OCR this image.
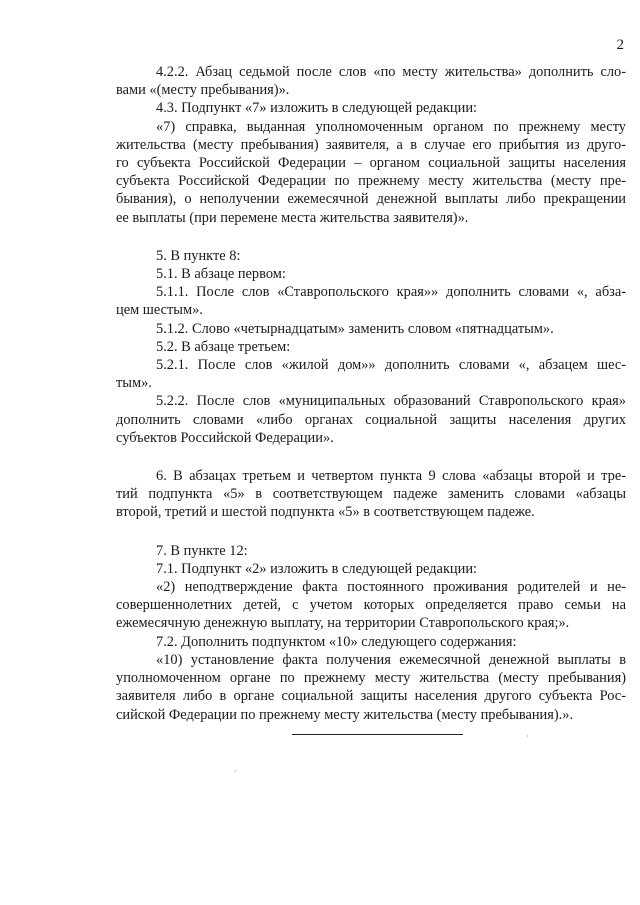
2
4.2.2. Абзац седьмой после слов «по месту жительства» дополнить сло-
вами «(месту пребывания)».
4.3. Подпункт «7» изложить в следующей редакции:
«7) справка, выданная уполномоченным органом по прежнему месту
жительства (месту пребывания) заявителя, а в случае его прибытия из друго-
го субъекта Российской Федерации – органом социальной защиты населения
субъекта Российской Федерации по прежнему месту жительства (месту пре-
бывания), о неполучении ежемесячной денежной выплаты либо прекращении
ее выплаты (при перемене места жительства заявителя)».
5. В пункте 8:
5.1. В абзаце первом:
5.1.1. После слов «Ставропольского края»» дополнить словами «, абза-
цем шестым».
5.1.2. Слово «четырнадцатым» заменить словом «пятнадцатым».
5.2. В абзаце третьем:
5.2.1. После слов «жилой дом»» дополнить словами «, абзацем шес-
тым».
5.2.2. После слов «муниципальных образований Ставропольского края»
дополнить словами «либо органах социальной защиты населения других
субъектов Российской Федерации».
6. В абзацах третьем и четвертом пункта 9 слова «абзацы второй и тре-
тий подпункта «5» в соответствующем падеже заменить словами «абзацы
второй, третий и шестой подпункта «5» в соответствующем падеже.
7. В пункте 12:
7.1. Подпункт «2» изложить в следующей редакции:
«2) неподтверждение факта постоянного проживания родителей и не-
совершеннолетних детей, с учетом которых определяется право семьи на
ежемесячную денежную выплату, на территории Ставропольского края;».
7.2. Дополнить подпунктом «10» следующего содержания:
«10) установление факта получения ежемесячной денежной выплаты в
уполномоченном органе по прежнему месту жительства (месту пребывания)
заявителя либо в органе социальной защиты населения другого субъекта Рос-
сийской Федерации по прежнему месту жительства (месту пребывания).».
